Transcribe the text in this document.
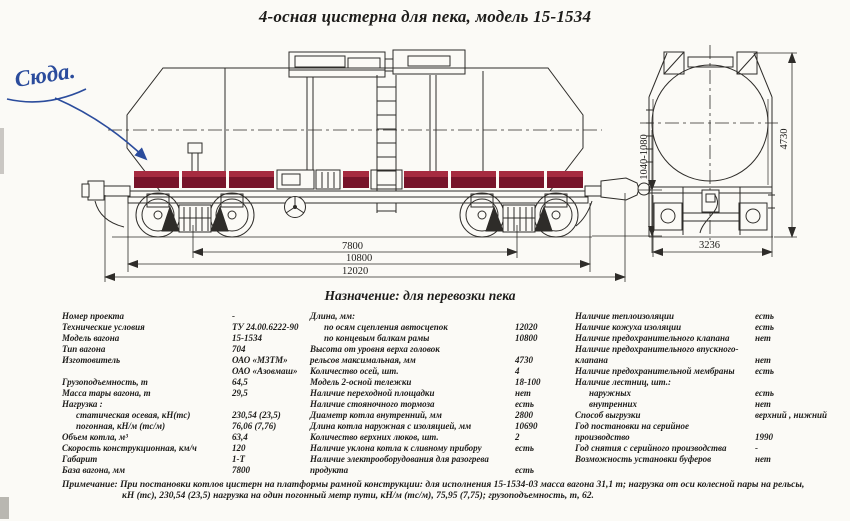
4-осная цистерна для пека, модель 15-1534
7800
10800
12020
1040-1080	4730
3236
Сюда.
Назначение: для перевозки пека
Номер проекта	-
Технические условия	ТУ 24.00.6222-90
Модель вагона	15-1534
Тип вагона	704
Изготовитель	ОАО «МЗТМ»
ОАО «Азовмаш»
Грузоподъемность, т	64,5
Масса тары вагона, т	29,5
Нагрузка :
статическая осевая, кН(тс)	230,54 (23,5)
погонная, кН/м (тс/м)	76,06 (7,76)
Объем котла, м³	63,4
Скорость конструкционная, км/ч	120
Габарит	1-Т
База вагона, мм	7800
Длина, мм:
по осям сцепления автосцепок	12020
по концевым балкам рамы	10800
Высота от уровня верха головок
рельсов максимальная, мм	4730
Количество осей, шт.	4
Модель 2-осной тележки	18-100
Наличие переходной площадки	нет
Наличие стояночного тормоза	есть
Диаметр котла внутренний, мм	2800
Длина котла наружная с изоляцией, мм	10690
Количество верхних люков, шт.	2
Наличие уклона котла к сливному прибору	есть
Наличие электрооборудования для разогрева
продукта	есть
Наличие теплоизоляции	есть
Наличие кожуха изоляции	есть
Наличие предохранительного клапана	нет
Наличие предохранительного впускного-
клапана	нет
Наличие предохранительной мембраны	есть
Наличие лестниц, шт.:
наружных	есть
внутренних	нет
Способ выгрузки	верхний , нижний
Год постановки на серийное
производство	1990
Год снятия с серийного производства	-
Возможность установки буферов	нет
Примечание: При постановки котлов цистерн на платформы рамной конструкции: для исполнения 15-1534-03 масса вагона 31,1 т; нагрузка от оси колесной пары на рельсы,
кН (тс), 230,54 (23,5) нагрузка на один погонный метр пути, кН/м (тс/м), 75,95 (7,75); грузоподъемность, т, 62.
